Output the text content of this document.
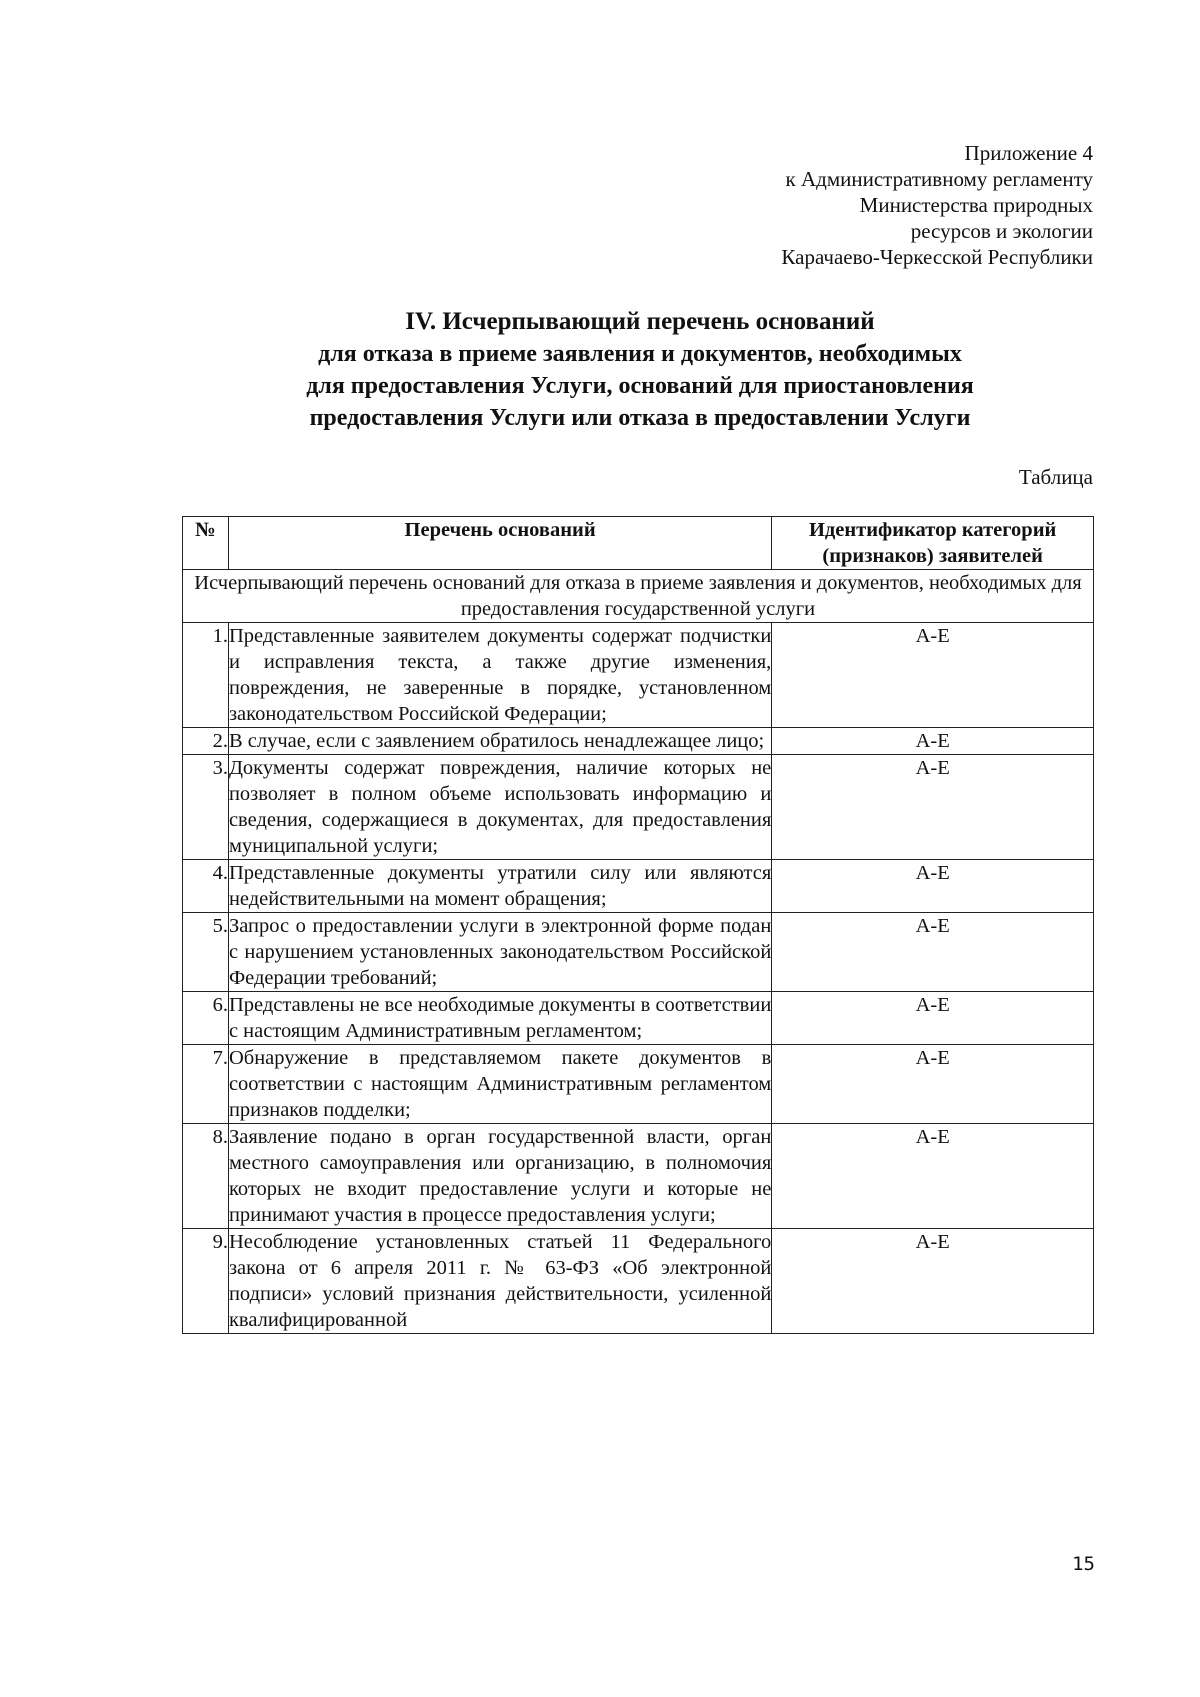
Приложение 4
к Административному регламенту
Министерства природных
ресурсов и экологии
Карачаево-Черкесской Республики
IV. Исчерпывающий перечень оснований
для отказа в приеме заявления и документов, необходимых
для предоставления Услуги, оснований для приостановления
предоставления Услуги или отказа в предоставлении Услуги
Таблица
№	Перечень оснований	Идентификатор категорий (признаков) заявителей
Исчерпывающий перечень оснований для отказа в приеме заявления и документов, необходимых для предоставления государственной услуги		
1.	Представленные заявителем документы содержат подчистки и исправления текста, а также другие изменения, повреждения, не заверенные в порядке, установленном законодательством Российской Федерации;	А-Е
2.	В случае, если с заявлением обратилось ненадлежащее лицо;	А-Е
3.	Документы содержат повреждения, наличие которых не позволяет в полном объеме использовать информацию и сведения, содержащиеся в документах, для предоставления муниципальной услуги;	А-Е
4.	Представленные документы утратили силу или являются недействительными на момент обращения;	А-Е
5.	Запрос о предоставлении услуги в электронной форме подан с нарушением установленных законодательством Российской Федерации требований;	А-Е
6.	Представлены не все необходимые документы в соответствии с настоящим Административным регламентом;	А-Е
7.	Обнаружение в представляемом пакете документов в соответствии с настоящим Административным регламентом признаков подделки;	А-Е
8.	Заявление подано в орган государственной власти, орган местного самоуправления или организацию, в полномочия которых не входит предоставление услуги и которые не принимают участия в процессе предоставления услуги;	А-Е
9.	Несоблюдение установленных статьей 11 Федерального закона от 6 апреля 2011 г. № 63-ФЗ «Об электронной подписи» условий признания действительности, усиленной квалифицированной	А-Е
15
